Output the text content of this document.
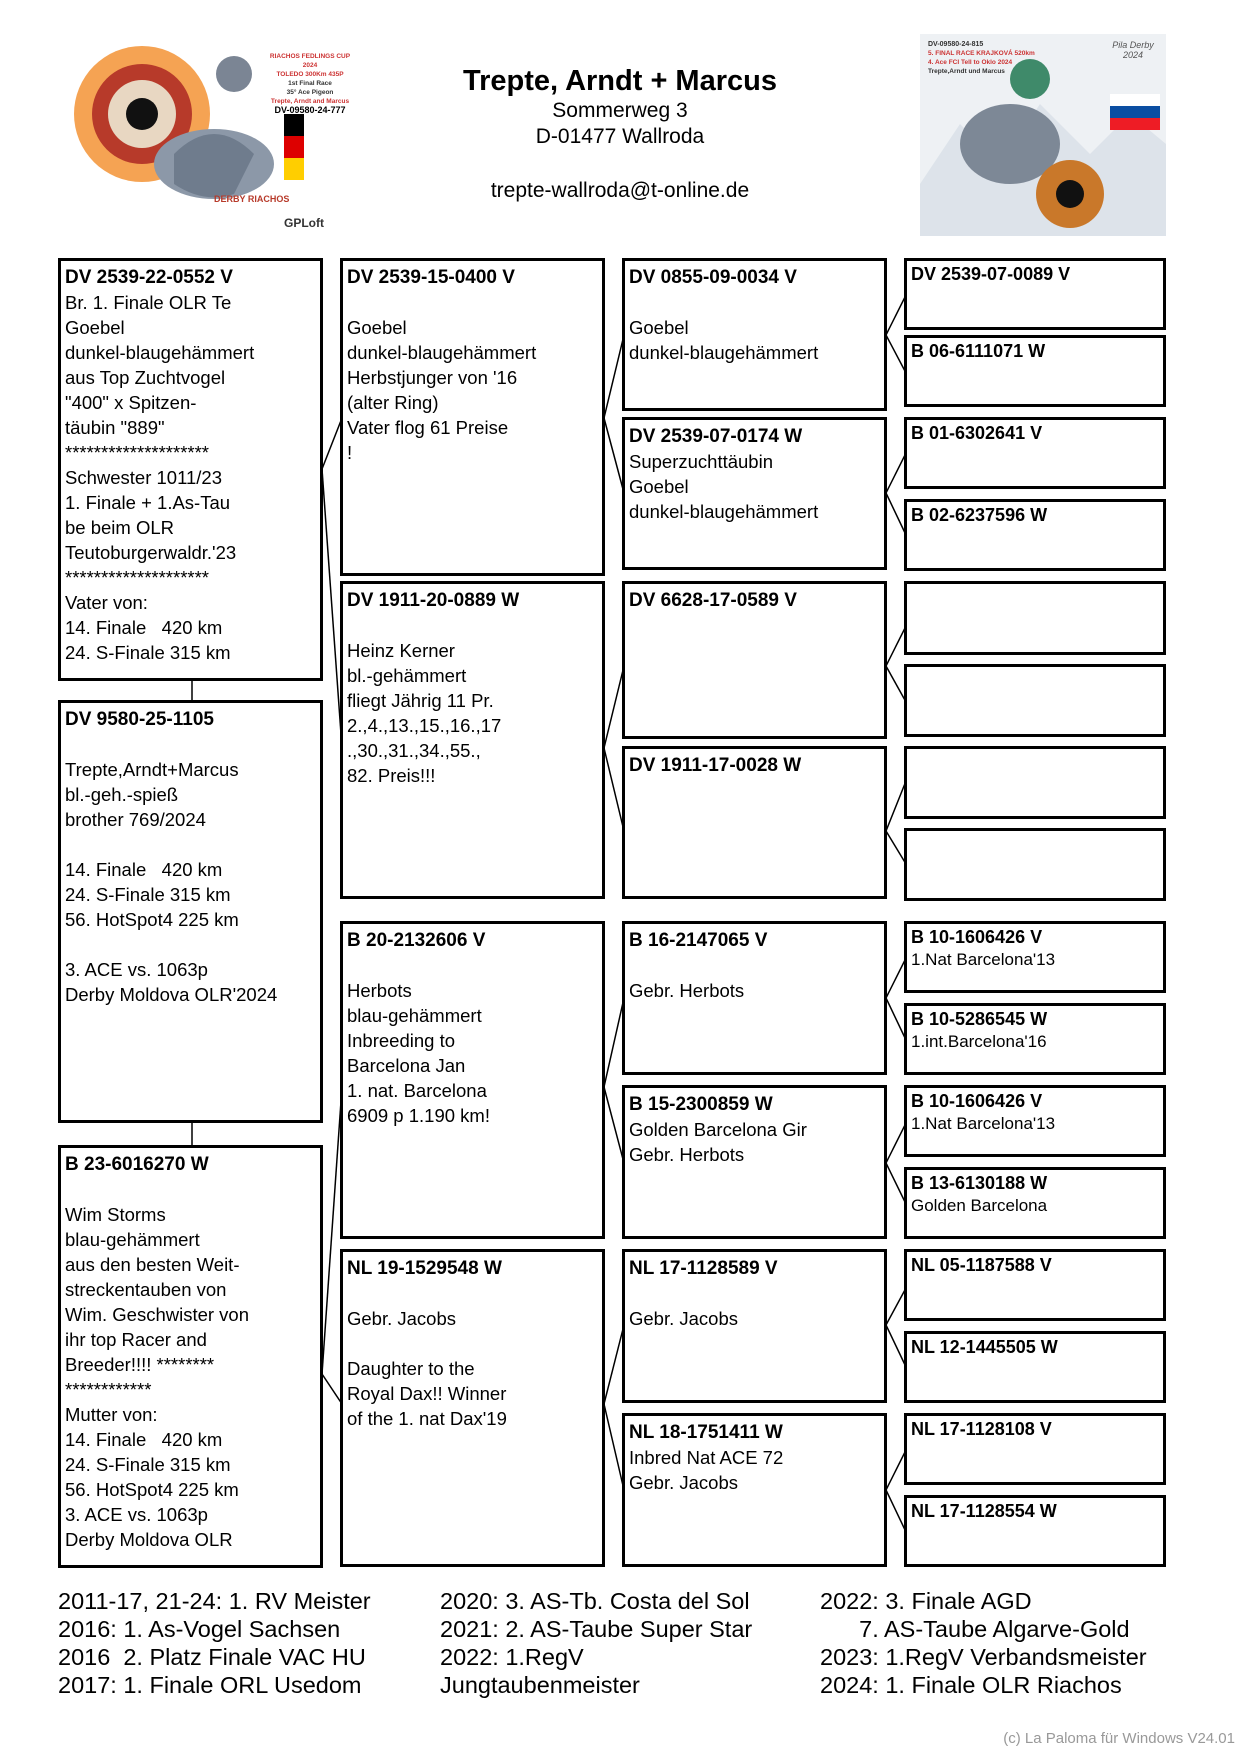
RIACHOS FEDLINGS CUP 2024
TOLEDO 300Km 435P
1st Final Race
35° Ace Pigeon
Trepte, Arndt and Marcus
DV-09580-24-777
DERBY RIACHOS
GPLoft
DV-09580-24-815
5. FINAL RACE KRAJKOVÁ 520km
4. Ace FCI Tell to Oklo 2024
Trepte,Arndt und Marcus
Pila Derby 2024
Trepte, Arndt + Marcus
Sommerweg 3
D-01477 Wallroda
trepte-wallroda@t-online.de
DV 2539-22-0552 V
Br. 1. Finale OLR Te
Goebel
dunkel-blaugehämmert
aus Top Zuchtvogel
"400" x Spitzen-
täubin "889"
********************
Schwester 1011/23
1. Finale + 1.As-Tau
be beim OLR
Teutoburgerwaldr.'23
********************
Vater von:
14. Finale   420 km
24. S-Finale 315 km
DV 9580-25-1105

Trepte,Arndt+Marcus
bl.-geh.-spieß
brother 769/2024

14. Finale   420 km
24. S-Finale 315 km
56. HotSpot4 225 km

3. ACE vs. 1063p
Derby Moldova OLR'2024
B 23-6016270 W

Wim Storms
blau-gehämmert
aus den besten Weit-
streckentauben von
Wim. Geschwister von
ihr top Racer and
Breeder!!!! ********
************
Mutter von:
14. Finale   420 km
24. S-Finale 315 km
56. HotSpot4 225 km
3. ACE vs. 1063p
Derby Moldova OLR
DV 2539-15-0400 V

Goebel
dunkel-blaugehämmert
Herbstjunger von '16
(alter Ring)
Vater flog 61 Preise
!
DV 1911-20-0889 W

Heinz Kerner
bl.-gehämmert
fliegt Jährig 11 Pr.
2.,4.,13.,15.,16.,17
.,30.,31.,34.,55.,
82. Preis!!!
B 20-2132606 V

Herbots
blau-gehämmert
Inbreeding to
Barcelona Jan
1. nat. Barcelona
6909 p 1.190 km!
NL 19-1529548 W

Gebr. Jacobs

Daughter to the
Royal Dax!! Winner
of the 1. nat Dax'19
DV 0855-09-0034 V

Goebel
dunkel-blaugehämmert
DV 2539-07-0174 W
Superzuchttäubin
Goebel
dunkel-blaugehämmert
DV 6628-17-0589 V
DV 1911-17-0028 W
B 16-2147065 V

Gebr. Herbots
B 15-2300859 W
Golden Barcelona Gir
Gebr. Herbots
NL 17-1128589 V

Gebr. Jacobs
NL 18-1751411 W
Inbred Nat ACE 72
Gebr. Jacobs
DV 2539-07-0089 V
B 06-6111071 W
B 01-6302641 V
B 02-6237596 W
B 10-1606426 V
1.Nat Barcelona'13
B 10-5286545 W
1.int.Barcelona'16
B 10-1606426 V
1.Nat Barcelona'13
B 13-6130188 W
Golden Barcelona
NL 05-1187588 V
NL 12-1445505 W
NL 17-1128108 V
NL 17-1128554 W
2011-17, 21-24: 1. RV Meister
2016: 1. As-Vogel Sachsen
2016  2. Platz Finale VAC HU
2017: 1. Finale ORL Usedom
2020: 3. AS-Tb. Costa del Sol
2021: 2. AS-Taube Super Star
2022: 1.RegV
Jungtaubenmeister
2022: 3. Finale AGD
7. AS-Taube Algarve-Gold
2023: 1.RegV Verbandsmeister
2024: 1. Finale OLR Riachos
(c) La Paloma für Windows V24.01
